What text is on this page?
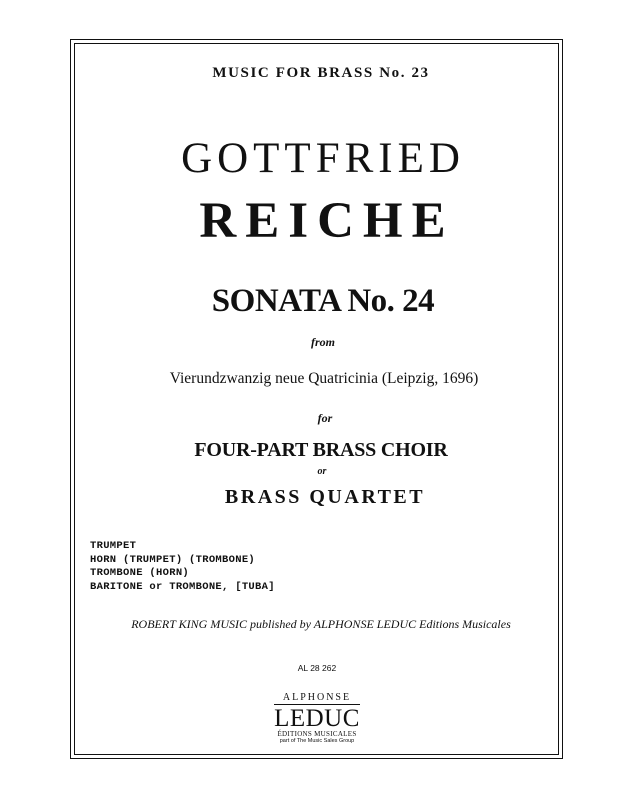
MUSIC FOR BRASS No. 23

GOTTFRIED

REICHE

SONATA No. 24

from

Vierundzwanzig neue Quatricinia (Leipzig, 1696)

for

FOUR-PART BRASS CHOIR

or

BRASS QUARTET

TRUMPET
HORN (TRUMPET) (TROMBONE)
TROMBONE (HORN)
BARITONE or TROMBONE, [TUBA]

ROBERT KING MUSIC published by ALPHONSE LEDUC Editions Musicales

AL 28 262

ALPHONSE
LEDUC
ÉDITIONS MUSICALES
part of The Music Sales Group
